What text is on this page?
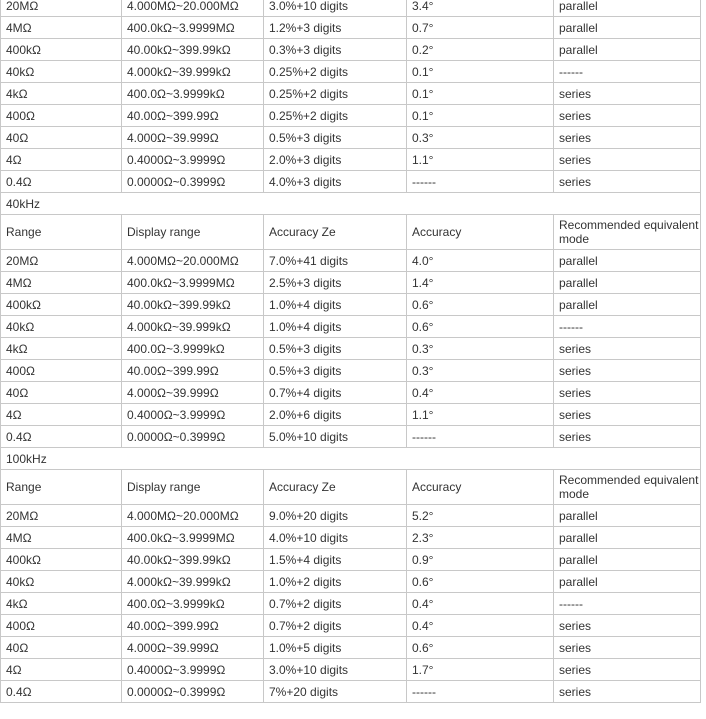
20MΩ	4.000MΩ~20.000MΩ	3.0%+10 digits	3.4°	parallel
4MΩ	400.0kΩ~3.9999MΩ	1.2%+3 digits	0.7°	parallel
400kΩ	40.00kΩ~399.99kΩ	0.3%+3 digits	0.2°	parallel
40kΩ	4.000kΩ~39.999kΩ	0.25%+2 digits	0.1°	------
4kΩ	400.0Ω~3.9999kΩ	0.25%+2 digits	0.1°	series
400Ω	40.00Ω~399.99Ω	0.25%+2 digits	0.1°	series
40Ω	4.000Ω~39.999Ω	0.5%+3 digits	0.3°	series
4Ω	0.4000Ω~3.9999Ω	2.0%+3 digits	1.1°	series
0.4Ω	0.0000Ω~0.3999Ω	4.0%+3 digits	------	series
40kHz				
Range	Display range	Accuracy Ze	Accuracy	Recommended equivalent mode
20MΩ	4.000MΩ~20.000MΩ	7.0%+41 digits	4.0°	parallel
4MΩ	400.0kΩ~3.9999MΩ	2.5%+3 digits	1.4°	parallel
400kΩ	40.00kΩ~399.99kΩ	1.0%+4 digits	0.6°	parallel
40kΩ	4.000kΩ~39.999kΩ	1.0%+4 digits	0.6°	------
4kΩ	400.0Ω~3.9999kΩ	0.5%+3 digits	0.3°	series
400Ω	40.00Ω~399.99Ω	0.5%+3 digits	0.3°	series
40Ω	4.000Ω~39.999Ω	0.7%+4 digits	0.4°	series
4Ω	0.4000Ω~3.9999Ω	2.0%+6 digits	1.1°	series
0.4Ω	0.0000Ω~0.3999Ω	5.0%+10 digits	------	series
100kHz				
Range	Display range	Accuracy Ze	Accuracy	Recommended equivalent mode
20MΩ	4.000MΩ~20.000MΩ	9.0%+20 digits	5.2°	parallel
4MΩ	400.0kΩ~3.9999MΩ	4.0%+10 digits	2.3°	parallel
400kΩ	40.00kΩ~399.99kΩ	1.5%+4 digits	0.9°	parallel
40kΩ	4.000kΩ~39.999kΩ	1.0%+2 digits	0.6°	parallel
4kΩ	400.0Ω~3.9999kΩ	0.7%+2 digits	0.4°	------
400Ω	40.00Ω~399.99Ω	0.7%+2 digits	0.4°	series
40Ω	4.000Ω~39.999Ω	1.0%+5 digits	0.6°	series
4Ω	0.4000Ω~3.9999Ω	3.0%+10 digits	1.7°	series
0.4Ω	0.0000Ω~0.3999Ω	7%+20 digits	------	series
